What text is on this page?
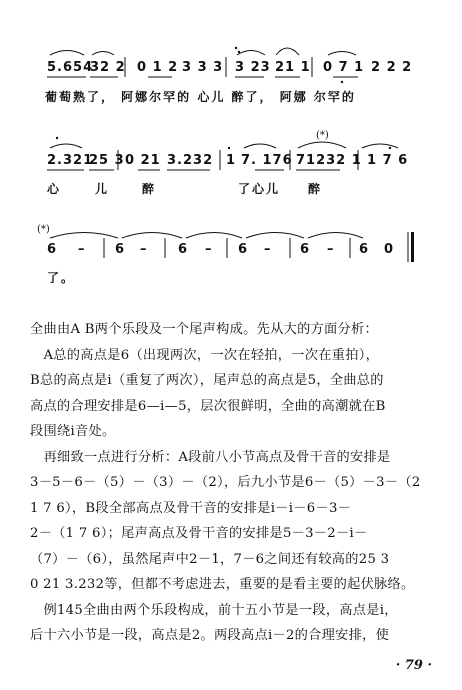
5.654
32 2 0 1 2 3 3 3 3 23 21 1 0 7 1 2 2 2
葡萄熟了， 阿娜尔罕的 心儿 醉了， 阿娜 尔罕的
2.321
25 3 0 21 3.232 1 7. 176 71232 1 1 7 6
(*)
心	儿	醉	了心儿 醉
(*)
6 – 6 – 6 – 6 – 6 – 6 0
了。

全曲由A B两个乐段及一个尾声构成。先从大的方面分析：

　A总的高点是6（出现两次，一次在轻拍，一次在重拍），

B总的高点是i（重复了两次），尾声总的高点是5，全曲总的

高点的合理安排是6—i—5，层次很鲜明，全曲的高潮就在B

段围绕i音处。

　再细致一点进行分析：A段前八小节高点及骨干音的安排是

3－5－6－（5）－（3）－（2），后九小节是6－（5）－3－（2

1 7 6），B段全部高点及骨干音的安排是i－i－6－3－

2－（1 7 6）；尾声高点及骨干音的安排是5－3－2－i－

（7）－（6），虽然尾声中2－1，7－6之间还有较高的25 3

0 21 3.232等，但都不考虑进去，重要的是看主要的起伏脉络。

　例145全曲由两个乐段构成，前十五小节是一段，高点是i，

后十六小节是一段，高点是2。两段高点i－2的合理安排，使

· 79 ·
